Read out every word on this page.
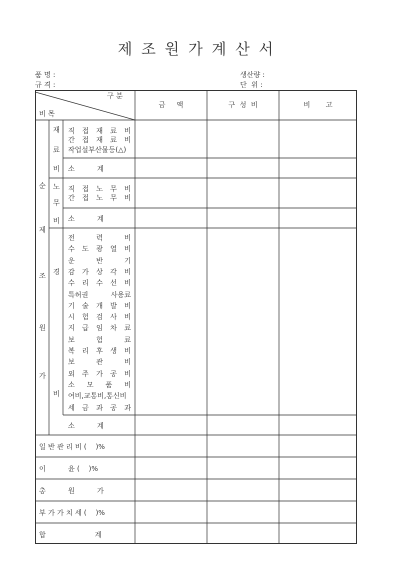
제조원가계산서
품 명 :
규 격 :
생산량 :
단  위 :
구 분
비 목
금     액	구  성  비	비       고
순
제
조
원
가
재
료
비
직 접 재 료 비
간 접 재 료 비
작업설부산물등(△)
소          계
노
무
비
직 접 노 무 비
간 접 노 무 비
소          계
경
비
전   력   비
수 도 광 열 비
운   반   기
감 가 상 각 비
수 리 수 선 비
특허권 사용료
기 술 개 발 비
시 험 검 사 비
지 급 임 차 료
보   험   료
복 리 후 생 비
보   관   비
외 주 가 공 비
소  모  품  비
여비,교통비,통신비
세 금 과 공 과
소          계
일 반 관 리 비 (    )%
이          윤 (    )%
총          원          가
부 가 가 치 세 (    )%
합                      계
